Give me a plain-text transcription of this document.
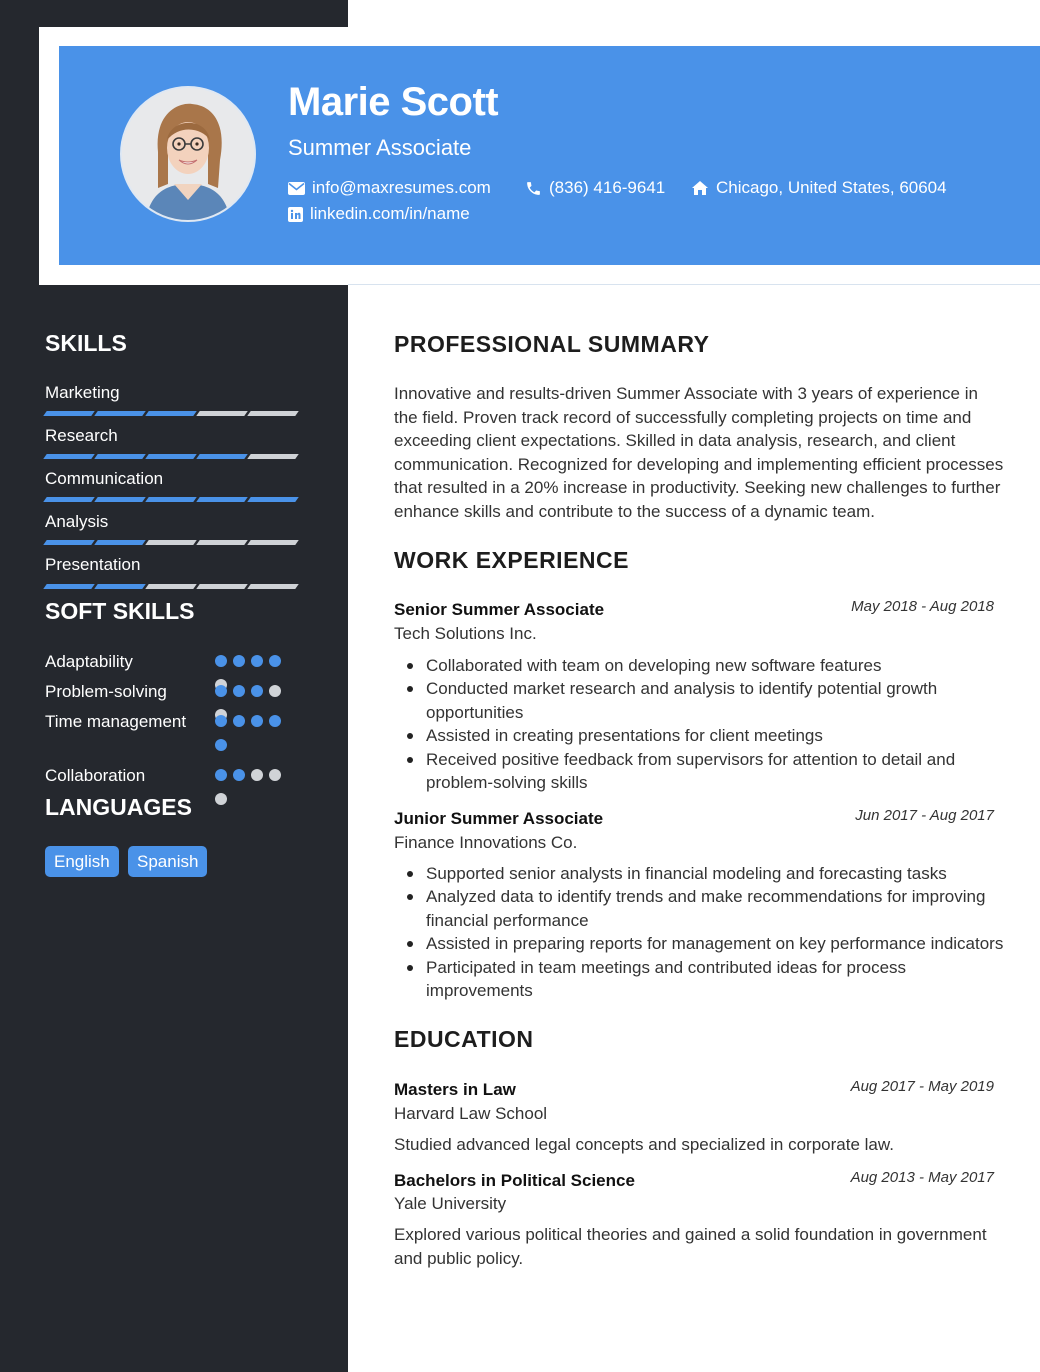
Marie Scott
Summer Associate
info@maxresumes.com	(836) 416-9641	Chicago, United States, 60604
linkedin.com/in/name
SKILLS
Marketing
Research
Communication
Analysis
Presentation
SOFT SKILLS
Adaptability
Problem-solving
Time management
Collaboration
LANGUAGES
English	Spanish
PROFESSIONAL SUMMARY
Innovative and results-driven Summer Associate with 3 years of experience in the field. Proven track record of successfully completing projects on time and exceeding client expectations. Skilled in data analysis, research, and client communication. Recognized for developing and implementing efficient processes that resulted in a 20% increase in productivity. Seeking new challenges to further enhance skills and contribute to the success of a dynamic team.
WORK EXPERIENCE
Senior Summer Associate	May 2018 - Aug 2018
Tech Solutions Inc.
Collaborated with team on developing new software features
Conducted market research and analysis to identify potential growth opportunities
Assisted in creating presentations for client meetings
Received positive feedback from supervisors for attention to detail and problem-solving skills
Junior Summer Associate	Jun 2017 - Aug 2017
Finance Innovations Co.
Supported senior analysts in financial modeling and forecasting tasks
Analyzed data to identify trends and make recommendations for improving financial performance
Assisted in preparing reports for management on key performance indicators
Participated in team meetings and contributed ideas for process improvements
EDUCATION
Masters in Law	Aug 2017 - May 2019
Harvard Law School
Studied advanced legal concepts and specialized in corporate law.
Bachelors in Political Science	Aug 2013 - May 2017
Yale University
Explored various political theories and gained a solid foundation in government and public policy.
